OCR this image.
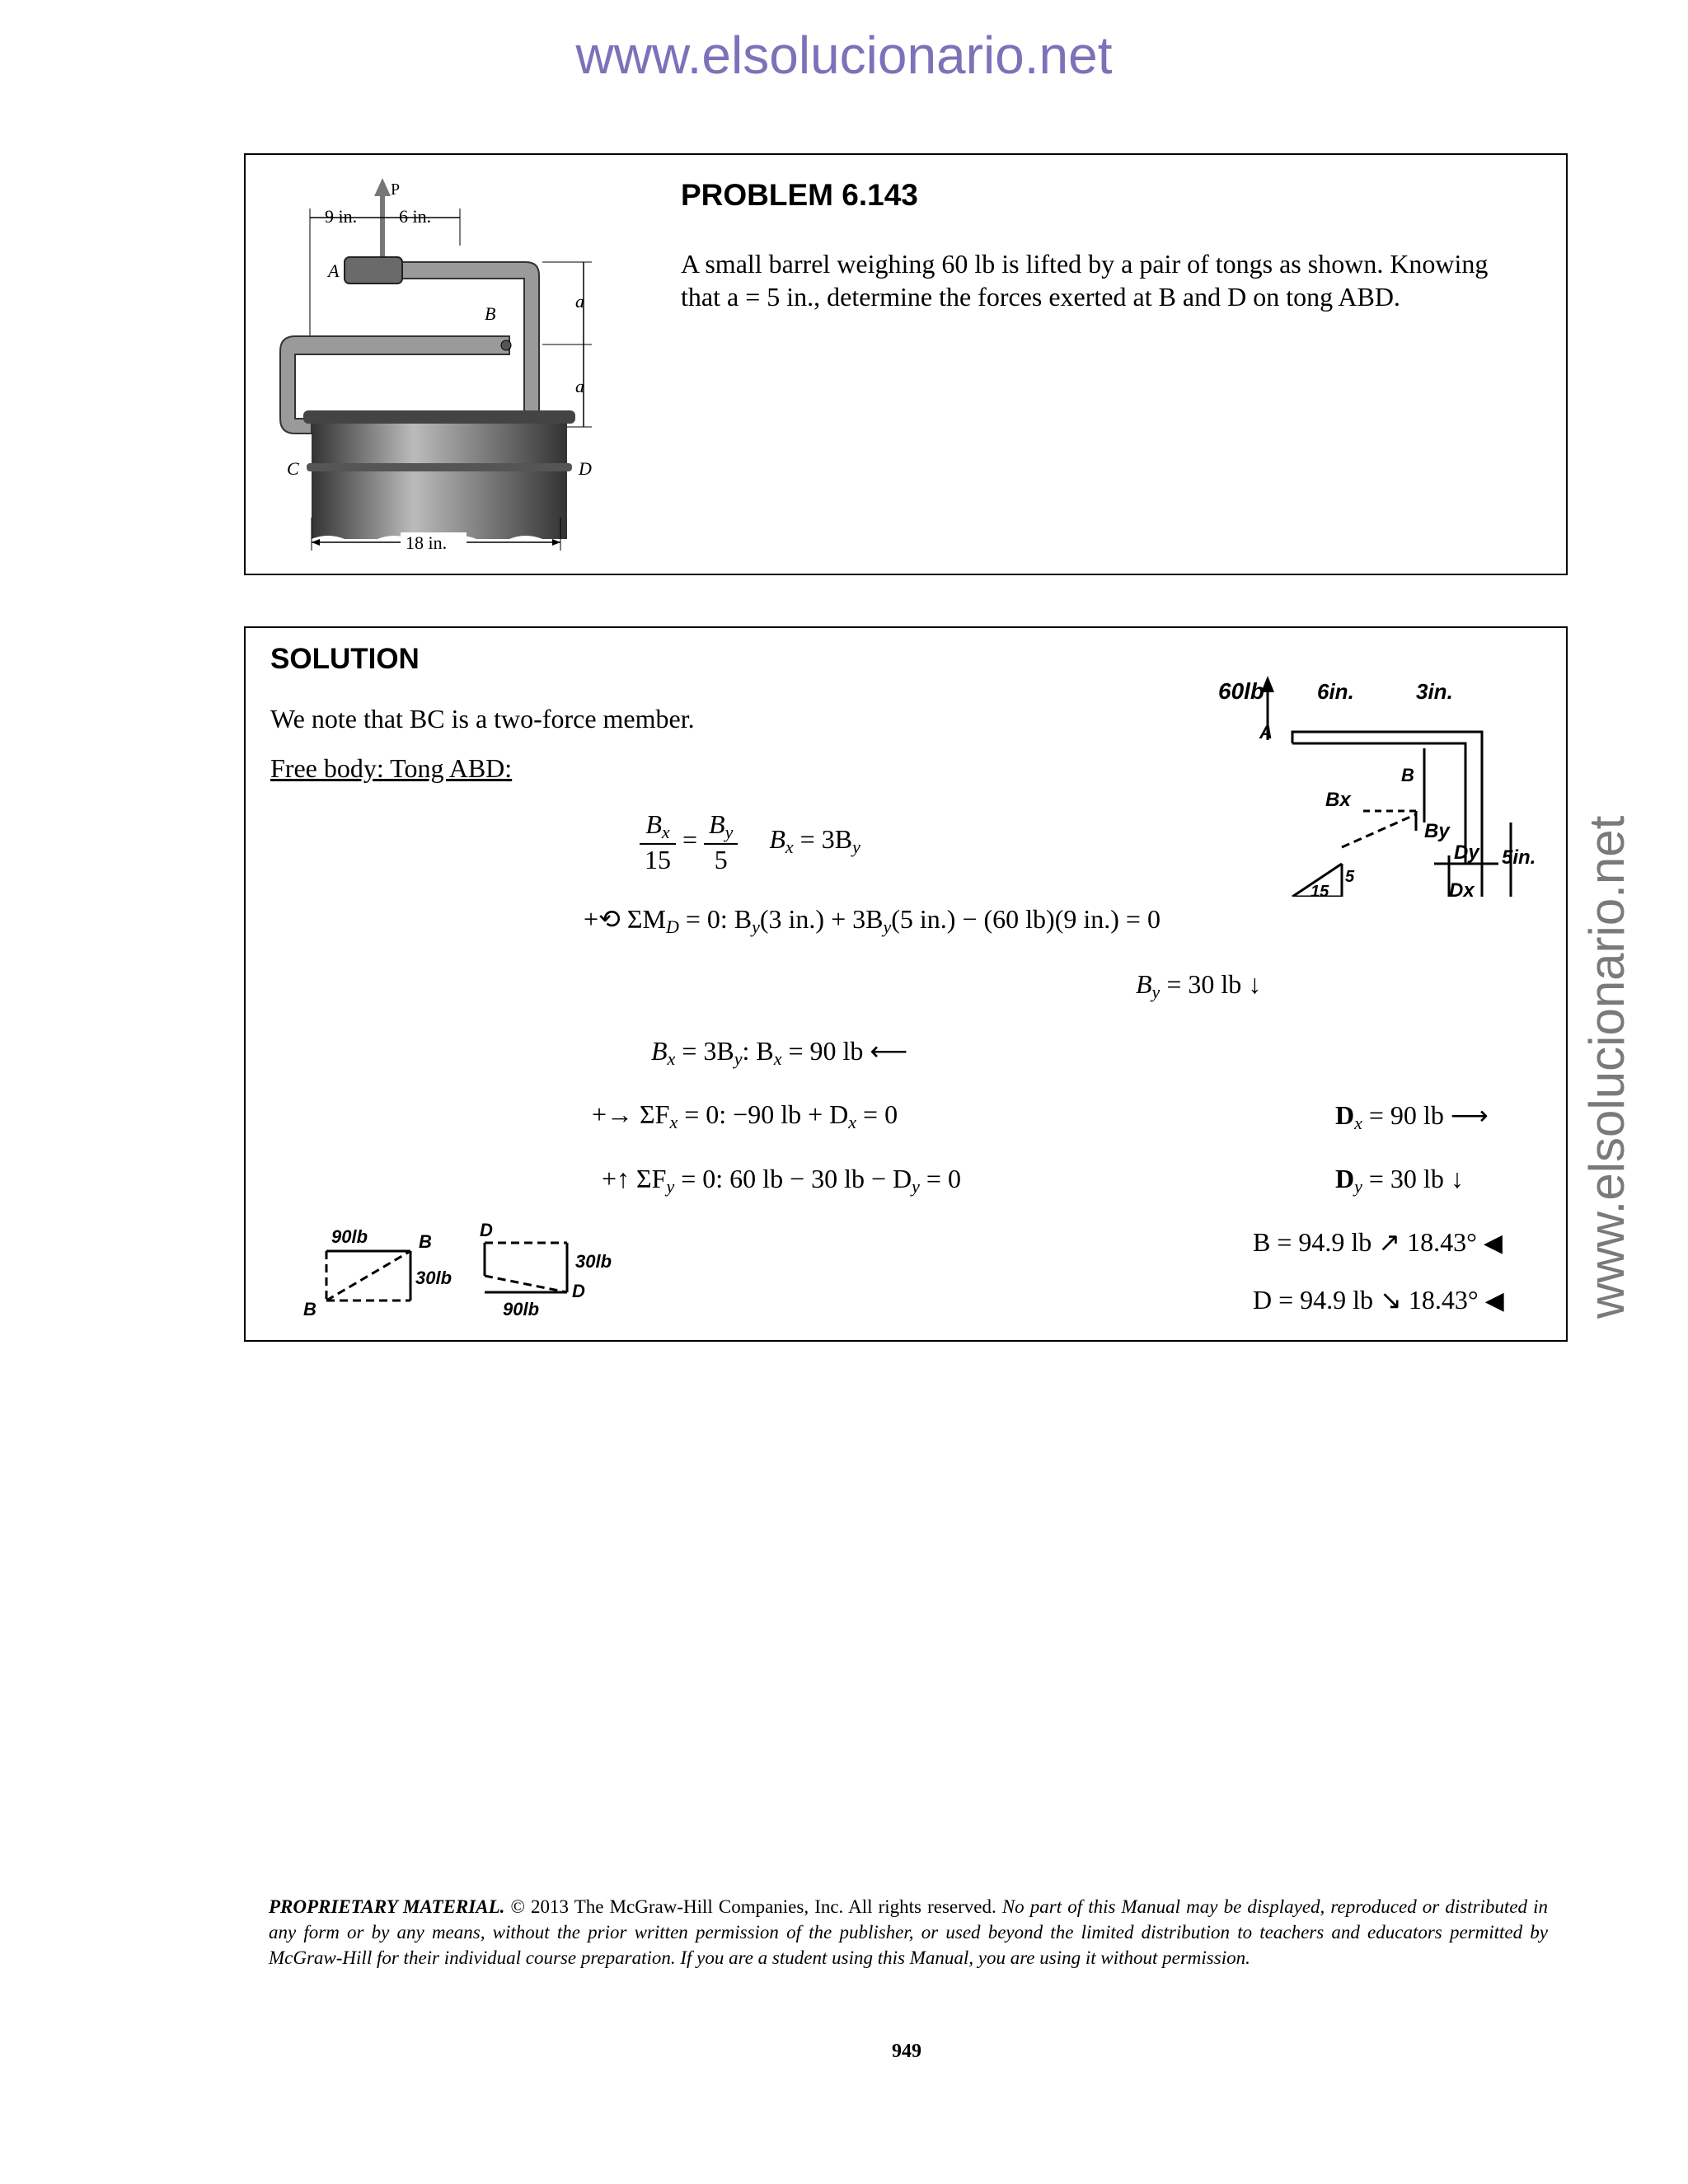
www.elsolucionario.net
www.elsolucionario.net
P
9 in. 6 in.
A
B
a
a
C	D
18 in.
PROBLEM 6.143
A small barrel weighing 60 lb is lifted by a pair of tongs as shown. Knowing
that a = 5 in., determine the forces exerted at B and D on tong ABD.
SOLUTION
We note that BC is a two-force member.
Free body: Tong ABD:
$\frac{B_x}{15} = \frac{B_y}{5} B_x = 3B_y$
+⟲ $\Sigma M_D = 0$: $B_y(3$ $in.) + 3B_y(5$ in.) − (60 lb)(9 in.) = 0
$B_y = 30$ lb ↓
$B_x = 3B_y$: $B_x = 90$ lb ⟵
+→ $\Sigma F_x = 0$: −90 lb + $D_x = 0$	$D_x = 90$ lb ⟶
+↑ $\Sigma F_y = 0$: 60 lb − 30 lb − $D_y = 0$	$D_y = 30$ lb ↓
B = 94.9 lb ↗ 18.43° ◀
D = 94.9 lb ↘ 18.43° ◀
60lb 6in.	3in.
A
B
Bx
By
Dy
Dx
5in.
5
15
90lb	B
30lb
B
D
30lb
D
90lb
PROPRIETARY MATERIAL. © 2013 The McGraw-Hill Companies, Inc. All rights reserved. No part of this Manual may be displayed, reproduced or distributed in any form or by any means, without the prior written permission of the publisher, or used beyond the limited distribution to teachers and educators permitted by McGraw-Hill for their individual course preparation. If you are a student using this Manual, you are using it without permission.
949
